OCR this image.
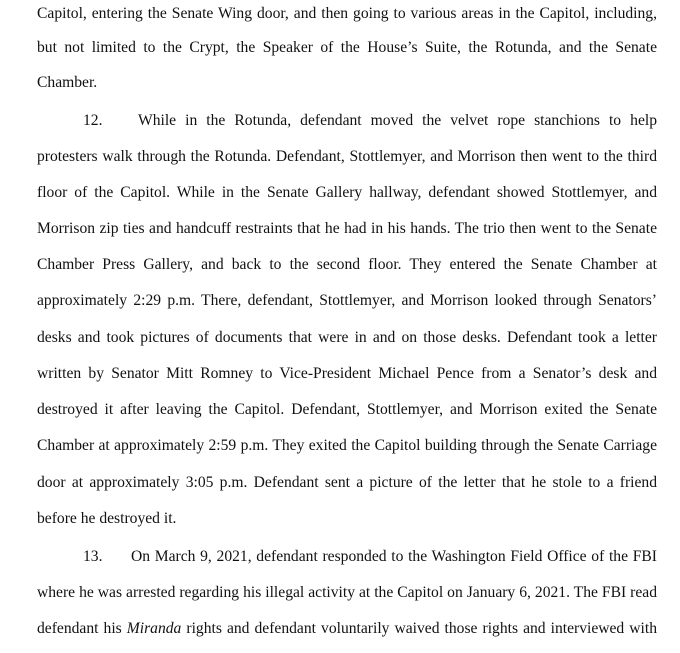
Capitol, entering the Senate Wing door, and then going to various areas in the Capitol, including,
but not limited to the Crypt, the Speaker of the House’s Suite, the Rotunda, and the Senate
Chamber.
12. While in the Rotunda, defendant moved the velvet rope stanchions to help
protesters walk through the Rotunda. Defendant, Stottlemyer, and Morrison then went to the third
floor of the Capitol. While in the Senate Gallery hallway, defendant showed Stottlemyer, and
Morrison zip ties and handcuff restraints that he had in his hands. The trio then went to the Senate
Chamber Press Gallery, and back to the second floor. They entered the Senate Chamber at
approximately 2:29 p.m. There, defendant, Stottlemyer, and Morrison looked through Senators’
desks and took pictures of documents that were in and on those desks. Defendant took a letter
written by Senator Mitt Romney to Vice-President Michael Pence from a Senator’s desk and
destroyed it after leaving the Capitol. Defendant, Stottlemyer, and Morrison exited the Senate
Chamber at approximately 2:59 p.m. They exited the Capitol building through the Senate Carriage
door at approximately 3:05 p.m. Defendant sent a picture of the letter that he stole to a friend
before he destroyed it.
13. On March 9, 2021, defendant responded to the Washington Field Office of the FBI
where he was arrested regarding his illegal activity at the Capitol on January 6, 2021. The FBI read
defendant his Miranda rights and defendant voluntarily waived those rights and interviewed with
